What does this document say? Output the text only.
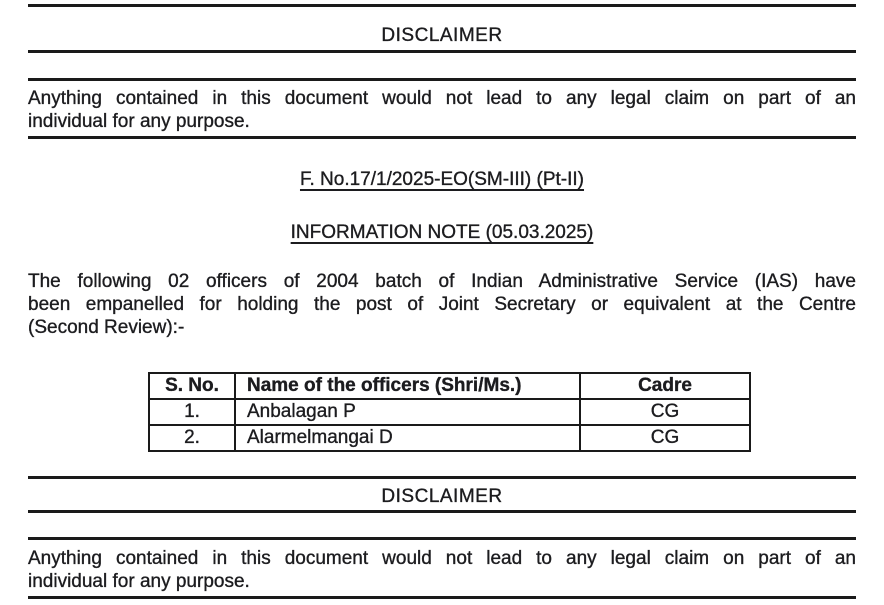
DISCLAIMER
Anything contained in this document would not lead to any legal claim on part of an
individual for any purpose.
F. No.17/1/2025-EO(SM-III) (Pt-II)
INFORMATION NOTE (05.03.2025)
The following 02 officers of 2004 batch of Indian Administrative Service (IAS) have
been empanelled for holding the post of Joint Secretary or equivalent at the Centre
(Second Review):-
S. No.	Name of the officers (Shri/Ms.)	Cadre
1.	Anbalagan P	CG
2.	Alarmelmangai D	CG
DISCLAIMER
Anything contained in this document would not lead to any legal claim on part of an
individual for any purpose.
